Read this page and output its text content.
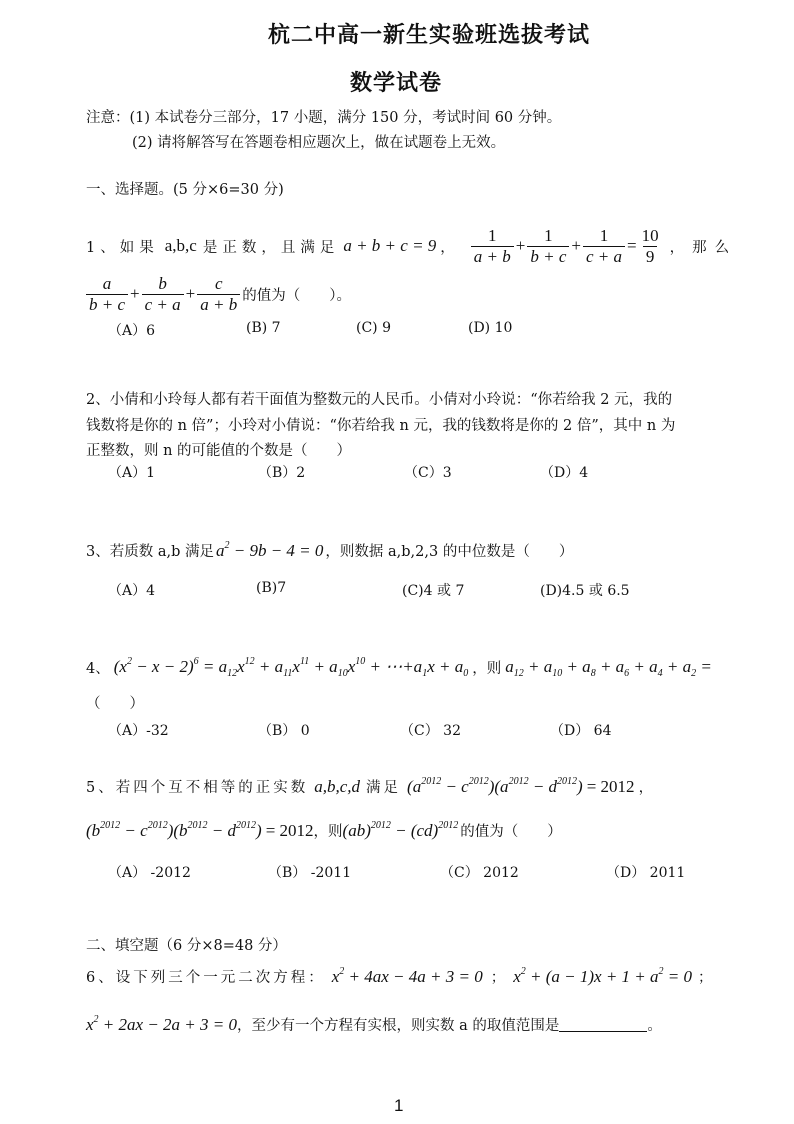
杭二中高一新生实验班选拔考试
数学试卷
注意：(1) 本试卷分三部分，17 小题，满分 150 分，考试时间 60 分钟。
(2) 请将解答写在答题卷相应题次上，做在试题卷上无效。
一、选择题。(5 分×6=30 分)
1、如果 a,b,c 是正数，且满足 a + b + c = 9 ， $\frac{1}{a + b} + \frac{1}{b + c} + \frac{1}{c + a} = \frac{10}{9}$ ，那么
$\frac{a}{b + c} + \frac{b}{c + a} + \frac{c}{a + b}$ 的值为（　　）。
（A）6	(B) 7	(C) 9	(D) 10
2、小倩和小玲每人都有若干面值为整数元的人民币。小倩对小玲说：“你若给我 2 元，我的
钱数将是你的 n 倍”；小玲对小倩说：“你若给我 n 元，我的钱数将是你的 2 倍”，其中 n 为
正整数，则 n 的可能值的个数是（　　）
（A）1	（B）2	（C）3	（D）4
3、若质数 a,b 满足 $a^2 - 9b - 4 = 0$ ，则数据 a,b,2,3 的中位数是（　　）
（A）4	(B)7	(C)4 或 7	(D)4.5 或 6.5
4、 $(x^2 - x - 2)^6 = a_{12}x^{12} + a_{11}x^{11} + a_{10}x^{10}$ + $\cdots+a_1x + a_0$ ，则 $a_{12} + a_{10} + a_8 + a_6 + a_4 + a_2$ =
（　　）
（A）-32	（B） 0	（C） 32	（D） 64
5、若四个互不相等的正实数 a,b,c,d 满足 $(a^{2012} - c^{2012})(a^{2012} - d^{2012}) = 2012$ ，
$(b^{2012} - c^{2012})(b^{2012} - d^{2012}) = 2012$ ，则 (ab)$^{2012}$ − (cd)$^{2012}$ 的值为（　　）
（A） -2012	（B） -2011	（C） 2012	（D） 2011
二、填空题（6 分×8=48 分）
6、设下列三个一元二次方程： $x^2 + 4ax - 4a + 3 = 0$ ； $x^2 + (a - 1)x + 1 + a^2 = 0$ ；
$x^2 + 2ax - 2a + 3 = 0$ ，至少有一个方程有实根，则实数 a 的取值范围是	。
1
